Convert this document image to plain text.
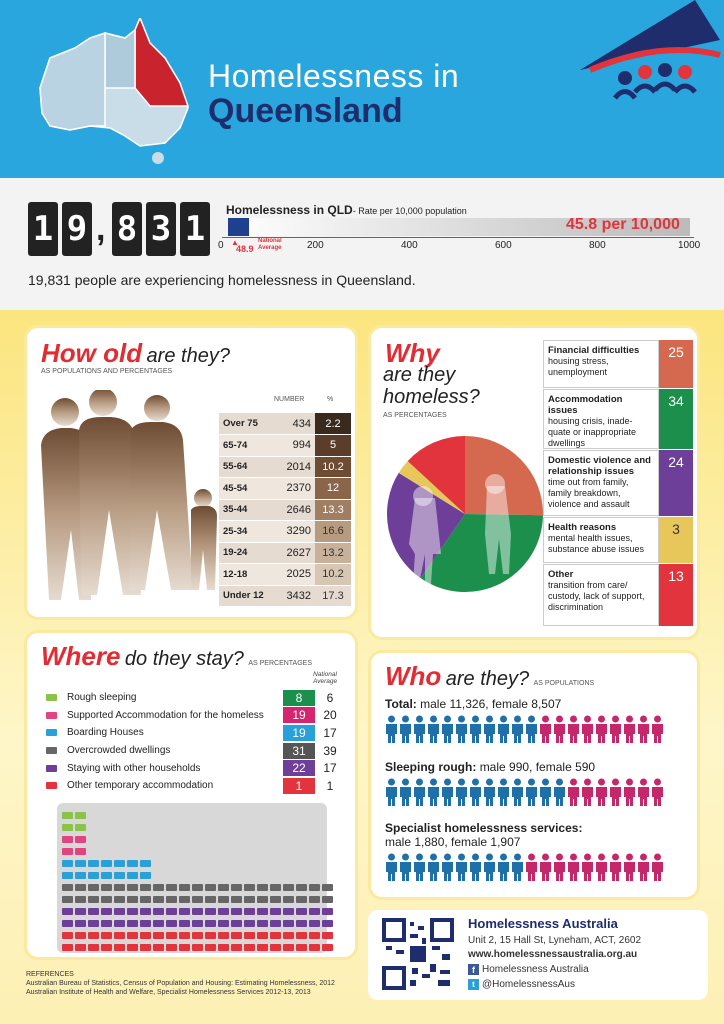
Homelessness in
Queensland
1 9 , 8 3 1	Homelessness in QLD- Rate per 10,000 population
45.8 per 10,000
▲
48.9
National
Average
0	200	400	600	800	1000
19,831 people are experiencing homelessness in Queensland.
How old are they?
AS POPULATIONS AND PERCENTAGES
NUMBER	%
Over 75	434	2.2
65-74	994	5
55-64	2014	10.2
45-54	2370	12
35-44	2646	13.3
25-34	3290	16.6
19-24	2627	13.2
12-18	2025	10.2
Under 12	3432	17.3
Why
are they
homeless?
AS PERCENTAGES
Financial difficulties
housing stress, unemployment
25
Accommodation issues
housing crisis, inade-quate or inappropriate dwellings
34
Domestic violence and relationship issues
time out from family, family breakdown, violence and assault
24
Health reasons
mental health issues, substance abuse issues
3
Other
transition from care/ custody, lack of support, discrimination
13
Where do they stay? AS PERCENTAGES
National
Average
Rough sleeping	8	6
Supported Accommodation for the homeless	19	20
Boarding Houses	19	17
Overcrowded dwellings	31	39
Staying with other households	22	17
Other temporary accommodation	1	1
Who are they? AS POPULATIONS
Total: male 11,326, female 8,507
Sleeping rough: male 990, female 590
Specialist homelessness services:
male 1,880, female 1,907
Homelessness Australia
Unit 2, 15 Hall St, Lyneham, ACT, 2602
www.homelessnessaustralia.org.au
f Homelessness Australia
t @HomelessnessAus
REFERENCES
Australian Bureau of Statistics, Census of Population and Housing: Estimating Homelessness, 2012
Australian Institute of Health and Welfare, Specialist Homelessness Services 2012-13, 2013
